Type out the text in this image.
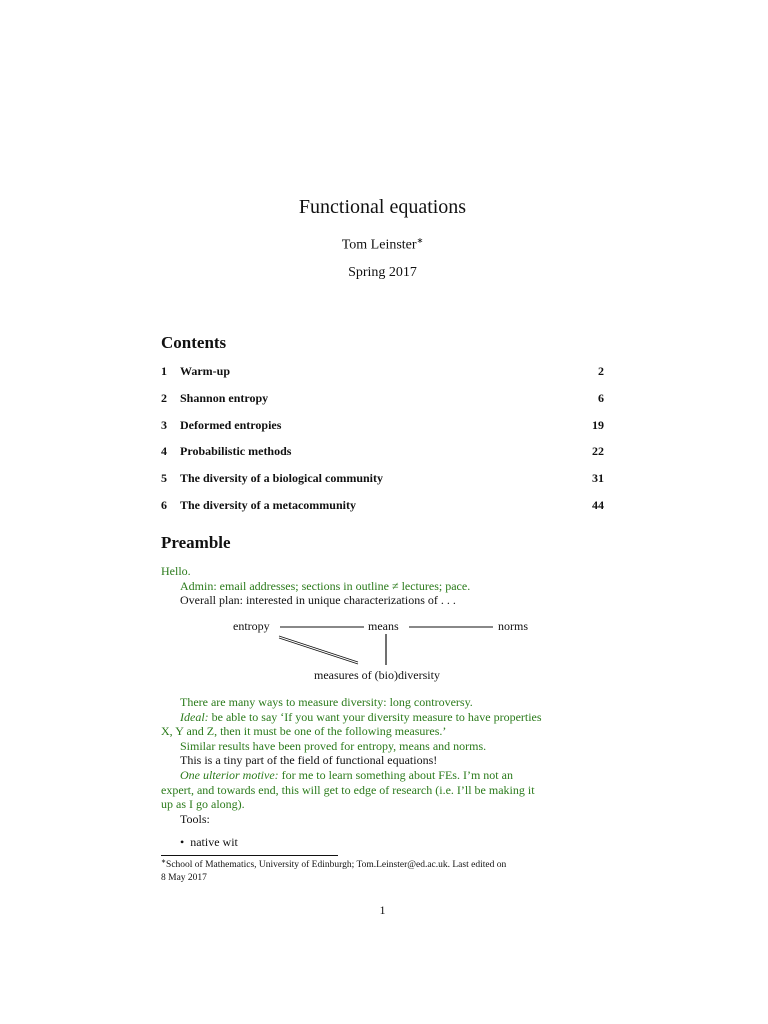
Functional equations
Tom Leinster∗
Spring 2017
Contents
1 Warm-up	2
2 Shannon entropy	6
3 Deformed entropies	19
4 Probabilistic methods	22
5 The diversity of a biological community	31
6 The diversity of a metacommunity	44
Preamble
Hello.
Admin: email addresses; sections in outline ≠ lectures; pace.
Overall plan: interested in unique characterizations of . . .
entropy	means	norms
measures of (bio)diversity
There are many ways to measure diversity: long controversy.
Ideal: be able to say ‘If you want your diversity measure to have properties
X, Y and Z, then it must be one of the following measures.’
Similar results have been proved for entropy, means and norms.
This is a tiny part of the field of functional equations!
One ulterior motive: for me to learn something about FEs. I’m not an
expert, and towards end, this will get to edge of research (i.e. I’ll be making it
up as I go along).
Tools:
•  native wit
∗School of Mathematics, University of Edinburgh; Tom.Leinster@ed.ac.uk. Last edited on
8 May 2017
1
